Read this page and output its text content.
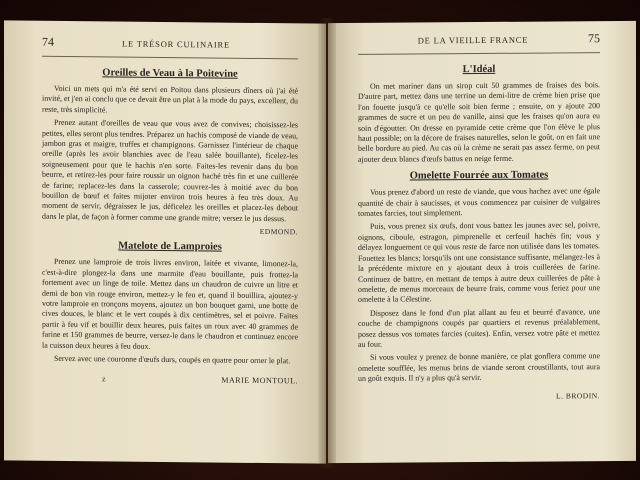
74	LE TRÉSOR CULINAIRE
Oreilles de Veau à la Poitevine

Voici un mets qui m'a été servi en Poitou dans plusieurs dîners où j'ai été invité, et j'en ai conclu que ce devait être un plat à la mode du pays, excellent, du reste, très simplicité.

Prenez autant d'oreilles de veau que vous avez de convives; choisissez-les petites, elles seront plus tendres. Préparez un hachis composé de viande de veau, jambon gras et maigre, truffes et champignons. Garnissez l'intérieur de chaque oreille (après les avoir blanchies avec de l'eau salée bouillante), ficelez-les soigneusement pour que le hachis n'en sorte. Faites-les revenir dans du bon beurre, et retirez-les pour faire roussir un oignon haché très fin et une cuillerée de farine; replacez-les dans la casserole; couvrez-les à moitié avec du bon bouillon de bœuf et faites mijoter environ trois heures à feu très doux. Au moment de servir, dégraissez le jus, déficelez les oreilles et placez-les debout dans le plat, de façon à former comme une grande mitre; versez le jus dessus.

EDMOND.
Matelote de Lamproies

Prenez une lamproie de trois livres environ, laitée et vivante, limonez-la, c'est-à-dire plongez-la dans une marmite d'eau bouillante, puis frottez-la fortement avec un linge de toile. Mettez dans un chaudron de cuivre un litre et demi de bon vin rouge environ, mettez-y le feu et, quand il bouillira, ajoutez-y votre lamproie en tronçons moyens, ajoutez un bon bouquet garni, une botte de cives douces, le blanc et le vert coupés à dix centimètres, sel et poivre. Faites partir à feu vif et bouillir deux heures, puis faites un roux avec 40 grammes de farine et 150 grammes de beurre, versez-le dans le chaudron et continuez encore la cuisson deux heures à feu doux.

Servez avec une couronne d'œufs durs, coupés en quatre pour orner le plat.

z	MARIE MONTOUL.
DE LA VIEILLE FRANCE	75
L'Idéal

On met mariner dans un sirop cuit 50 grammes de fraises des bois. D'autre part, mettez dans une terrine un demi-litre de crème bien prise que l'on fouette jusqu'à ce qu'elle soit bien ferme ; ensuite, on y ajoute 200 grammes de sucre et un peu de vanille, ainsi que les fraises qu'on aura eu soin d'égoutter. On dresse en pyramide cette crème que l'on élève le plus haut possible; on la décore de fraises naturelles, selon le goût, on en fait une belle bordure au pied. Au cas où la crème ne serait pas assez ferme, on peut ajouter deux blancs d'œufs battus en neige ferme.

Omelette Fourrée aux Tomates

Vous prenez d'abord un reste de viande, que vous hachez avec une égale quantité de chair à saucisses, et vous commencez par cuisiner de vulgaires tomates farcies, tout simplement.

Puis, vous prenez six œufs, dont vous battez les jaunes avec sel, poivre, oignons, ciboule, estragon, pimprenelle et cerfeuil hachés fin; vous y délayez longuement ce qui vous reste de farce non utilisée dans les tomates. Fouettez les blancs; lorsqu'ils ont une consistance suffisante, mélangez-les à la précédente mixture en y ajoutant deux à trois cuillerées de farine. Continuez de battre, en mettant de temps à autre deux cuillerées de pâte à omelette, de menus morceaux de beurre frais, comme vous feriez pour une omelette à la Célestine.

Disposez dans le fond d'un plat allant au feu et beurré d'avance, une couche de champignons coupés par quartiers et revenus préalablement, posez dessus vos tomates farcies (cuites). Enfin, versez votre pâte et mettez au four.

Si vous voulez y prenez de bonne manière, ce plat gonflera comme une omelette soufflée, les menus brins de viande seront croustillants, tout aura un goût exquis. Il n'y a plus qu'à servir.

L. BRODIN.
